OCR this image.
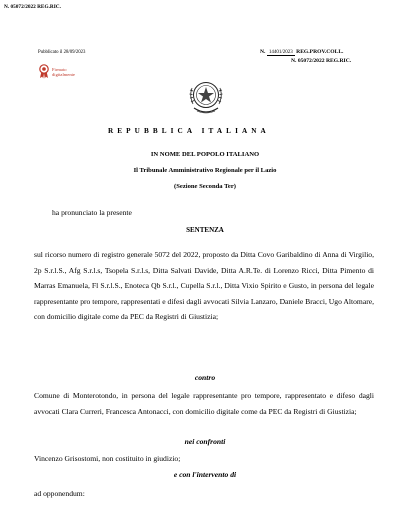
N. 05072/2022 REG.RIC.
Pubblicato il 28/09/2023
Firmato
digitalmente
N. 14401/2023 REG.PROV.COLL.
N. 05072/2022 REG.RIC.
REPUBBLICA ITALIANA
IN NOME DEL POPOLO ITALIANO
Il Tribunale Amministrativo Regionale per il Lazio
(Sezione Seconda Ter)
ha pronunciato la presente
SENTENZA
sul ricorso numero di registro generale 5072 del 2022, proposto da Ditta Covo Garibaldino di Anna di Virgilio, 2p S.r.l.S., Afg S.r.l.s, Tsopela S.r.l.s, Ditta Salvati Davide, Ditta A.R.Te. di Lorenzo Ricci, Ditta Pimento di Marras Emanuela, Fl S.r.l.S., Enoteca Qb S.r.l., Cupella S.r.l., Ditta Vixio Spirito e Gusto, in persona del legale rappresentante pro tempore, rappresentati e difesi dagli avvocati Silvia Lanzaro, Daniele Bracci, Ugo Altomare, con domicilio digitale come da PEC da Registri di Giustizia;
contro
Comune di Monterotondo, in persona del legale rappresentante pro tempore, rappresentato e difeso dagli avvocati Clara Curreri, Francesca Antonacci, con domicilio digitale come da PEC da Registri di Giustizia;
nei confronti
Vincenzo Grisostomi, non costituito in giudizio;
e con l'intervento di
ad opponendum:
